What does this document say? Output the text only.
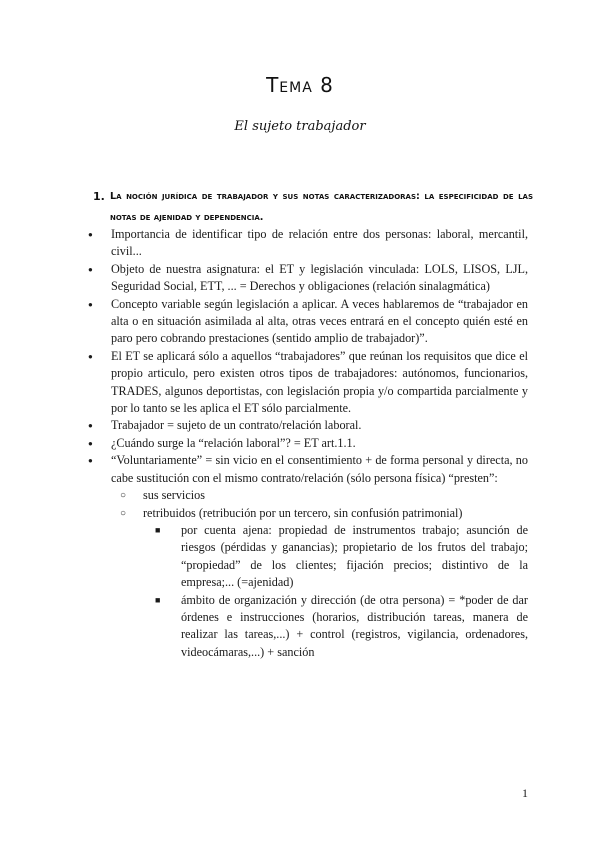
Tema 8
El sujeto trabajador
1. La noción jurídica de trabajador y sus notas caracterizadoras: la especificidad de las notas de ajenidad y dependencia.
● Importancia de identificar tipo de relación entre dos personas: laboral, mercantil, civil...
● Objeto de nuestra asignatura: el ET y legislación vinculada: LOLS, LISOS, LJL, Seguridad Social, ETT, ... = Derechos y obligaciones (relación sinalagmática)
● Concepto variable según legislación a aplicar. A veces hablaremos de “trabajador en alta o en situación asimilada al alta, otras veces entrará en el concepto quién esté en paro pero cobrando prestaciones (sentido amplio de trabajador)”.
● El ET se aplicará sólo a aquellos “trabajadores” que reúnan los requisitos que dice el propio articulo, pero existen otros tipos de trabajadores: autónomos, funcionarios, TRADES, algunos deportistas, con legislación propia y/o compartida parcialmente y por lo tanto se les aplica el ET sólo parcialmente.
● Trabajador = sujeto de un contrato/relación laboral.
● ¿Cuándo surge la “relación laboral”? = ET art.1.1.
● “Voluntariamente” = sin vicio en el consentimiento + de forma personal y directa, no cabe sustitución con el mismo contrato/relación (sólo persona física) “presten”:
○ sus servicios
○ retribuidos (retribución por un tercero, sin confusión patrimonial)
■ por cuenta ajena: propiedad de instrumentos trabajo; asunción de riesgos (pérdidas y ganancias); propietario de los frutos del trabajo; “propiedad” de los clientes; fijación precios; distintivo de la empresa;... (=ajenidad)
■ ámbito de organización y dirección (de otra persona) = *poder de dar órdenes e instrucciones (horarios, distribución tareas, manera de realizar las tareas,...) + control (registros, vigilancia, ordenadores, videocámaras,...) + sanción
1
